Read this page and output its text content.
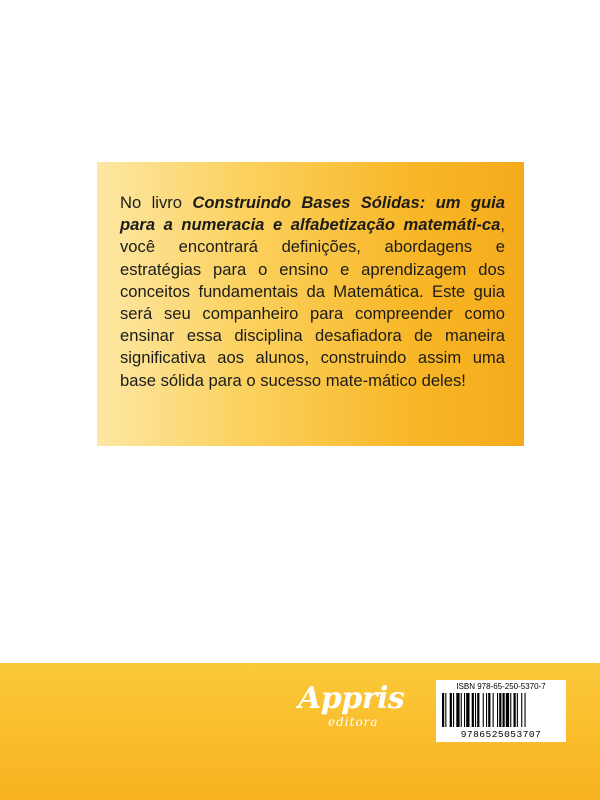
No livro Construindo Bases Sólidas: um guia para a numeracia e alfabetização matemáti-ca, você encontrará definições, abordagens e estratégias para o ensino e aprendizagem dos conceitos fundamentais da Matemática. Este guia será seu companheiro para compreender como ensinar essa disciplina desafiadora de maneira significativa aos alunos, construindo assim uma base sólida para o sucesso mate-mático deles!

Appris
editora
ISBN 978-65-250-5370-7
9786525053707
